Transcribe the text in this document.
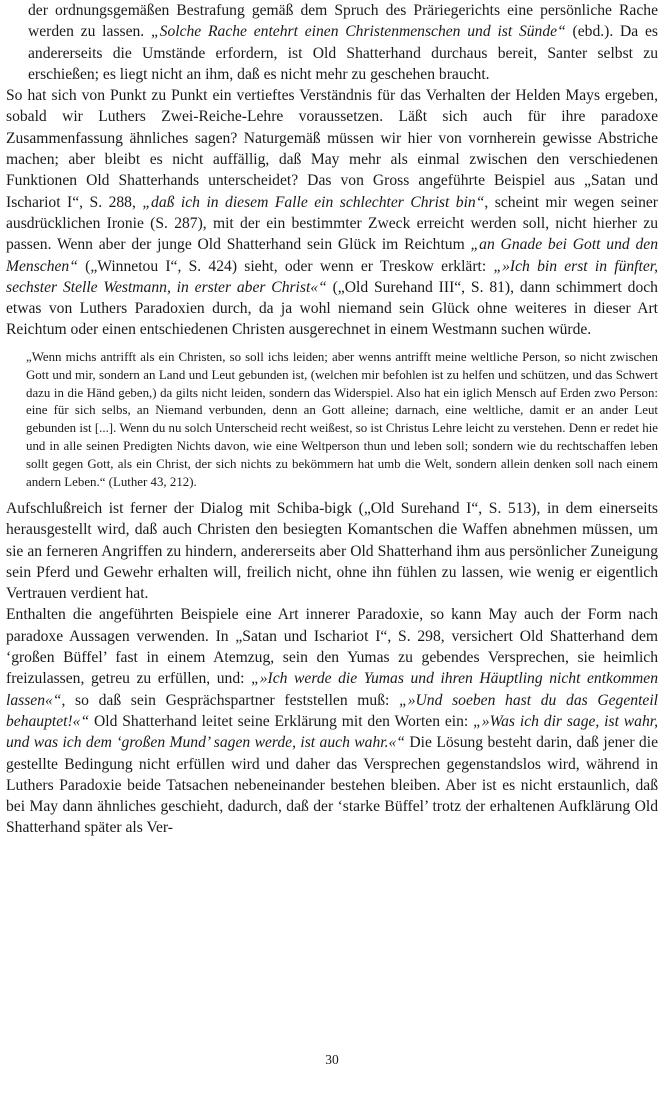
der ordnungsgemäßen Bestrafung gemäß dem Spruch des Präriegerichts eine persönliche Rache werden zu lassen. „Solche Rache entehrt einen Christenmenschen und ist Sünde“ (ebd.). Da es andererseits die Umstände erfordern, ist Old Shatterhand durchaus bereit, Santer selbst zu erschießen; es liegt nicht an ihm, daß es nicht mehr zu geschehen braucht.

So hat sich von Punkt zu Punkt ein vertieftes Verständnis für das Verhalten der Helden Mays ergeben, sobald wir Luthers Zwei-Reiche-Lehre voraussetzen. Läßt sich auch für ihre paradoxe Zusammenfassung ähnliches sagen? Naturgemäß müssen wir hier von vornherein gewisse Abstriche machen; aber bleibt es nicht auffällig, daß May mehr als einmal zwischen den verschiedenen Funktionen Old Shatterhands unterscheidet? Das von Gross angeführte Beispiel aus „Satan und Ischariot I“, S. 288, „daß ich in diesem Falle ein schlechter Christ bin“, scheint mir wegen seiner ausdrücklichen Ironie (S. 287), mit der ein bestimmter Zweck erreicht werden soll, nicht hierher zu passen. Wenn aber der junge Old Shatterhand sein Glück im Reichtum „an Gnade bei Gott und den Menschen“ („Winnetou I“, S. 424) sieht, oder wenn er Treskow erklärt: „»Ich bin erst in fünfter, sechster Stelle Westmann, in erster aber Christ«“ („Old Surehand III“, S. 81), dann schimmert doch etwas von Luthers Paradoxien durch, da ja wohl niemand sein Glück ohne weiteres in dieser Art Reichtum oder einen entschiedenen Christen ausgerechnet in einem Westmann suchen würde.

„Wenn michs antrifft als ein Christen, so soll ichs leiden; aber wenns antrifft meine weltliche Person, so nicht zwischen Gott und mir, sondern an Land und Leut gebunden ist, (welchen mir befohlen ist zu helfen und schützen, und das Schwert dazu in die Händ geben,) da gilts nicht leiden, sondern das Widerspiel. Also hat ein iglich Mensch auf Erden zwo Person: eine für sich selbs, an Niemand verbunden, denn an Gott alleine; darnach, eine weltliche, damit er an ander Leut gebunden ist [...]. Wenn du nu solch Unterscheid recht weißest, so ist Christus Lehre leicht zu verstehen. Denn er redet hie und in alle seinen Predigten Nichts davon, wie eine Weltperson thun und leben soll; sondern wie du rechtschaffen leben sollt gegen Gott, als ein Christ, der sich nichts zu bekömmern hat umb die Welt, sondern allein denken soll nach einem andern Leben.“ (Luther 43, 212).

Aufschlußreich ist ferner der Dialog mit Schiba-bigk („Old Surehand I“, S. 513), in dem einerseits herausgestellt wird, daß auch Christen den besiegten Komantschen die Waffen abnehmen müssen, um sie an ferneren Angriffen zu hindern, andererseits aber Old Shatterhand ihm aus persönlicher Zuneigung sein Pferd und Gewehr erhalten will, freilich nicht, ohne ihn fühlen zu lassen, wie wenig er eigentlich Vertrauen verdient hat.

Enthalten die angeführten Beispiele eine Art innerer Paradoxie, so kann May auch der Form nach paradoxe Aussagen verwenden. In „Satan und Ischariot I“, S. 298, versichert Old Shatterhand dem ‘großen Büffel’ fast in einem Atemzug, sein den Yumas zu gebendes Versprechen, sie heimlich freizulassen, getreu zu erfüllen, und: „»Ich werde die Yumas und ihren Häuptling nicht entkommen lassen«“, so daß sein Gesprächspartner feststellen muß: „»Und soeben hast du das Gegenteil behauptet!«“ Old Shatterhand leitet seine Erklärung mit den Worten ein: „»Was ich dir sage, ist wahr, und was ich dem ‘großen Mund’ sagen werde, ist auch wahr.«“ Die Lösung besteht darin, daß jener die gestellte Bedingung nicht erfüllen wird und daher das Versprechen gegenstandslos wird, während in Luthers Paradoxie beide Tatsachen nebeneinander bestehen bleiben. Aber ist es nicht erstaunlich, daß bei May dann ähnliches geschieht, dadurch, daß der ‘starke Büffel’ trotz der erhaltenen Aufklärung Old Shatterhand später als Ver-

30
